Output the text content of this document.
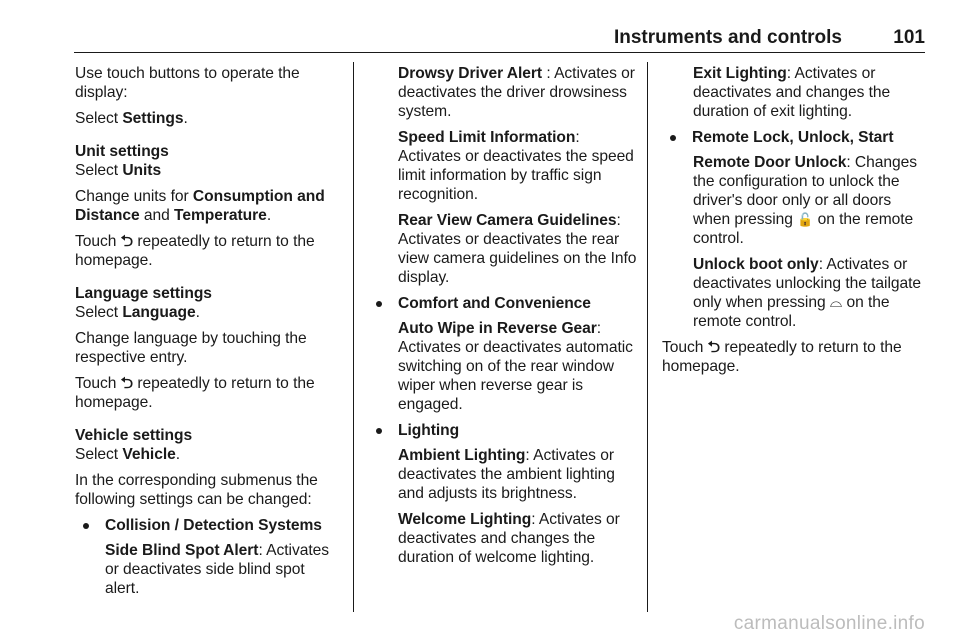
Instruments and controls	101

Use touch buttons to operate the display:

Select Settings.

Unit settings

Select Units

Change units for Consumption and Distance and Temperature.

Touch ⮌ repeatedly to return to the homepage.

Language settings

Select Language.

Change language by touching the respective entry.

Touch ⮌ repeatedly to return to the homepage.

Vehicle settings

Select Vehicle.

In the corresponding submenus the following settings can be changed:

Collision / Detection Systems

Side Blind Spot Alert: Activates or deactivates side blind spot alert.

Drowsy Driver Alert : Activates or deactivates the driver drowsiness system.

Speed Limit Information: Activates or deactivates the speed limit information by traffic sign recognition.

Rear View Camera Guidelines: Activates or deactivates the rear view camera guidelines on the Info display.

Comfort and Convenience

Auto Wipe in Reverse Gear: Activates or deactivates automatic switching on of the rear window wiper when reverse gear is engaged.

Lighting

Ambient Lighting: Activates or deactivates the ambient lighting and adjusts its brightness.

Welcome Lighting: Activates or deactivates and changes the duration of welcome lighting.

Exit Lighting: Activates or deactivates and changes the duration of exit lighting.

Remote Lock, Unlock, Start

Remote Door Unlock: Changes the configuration to unlock the driver's door only or all doors when pressing 🔓 on the remote control.

Unlock boot only: Activates or deactivates unlocking the tailgate only when pressing ⌓ on the remote control.

Touch ⮌ repeatedly to return to the homepage.

carmanualsonline.info
